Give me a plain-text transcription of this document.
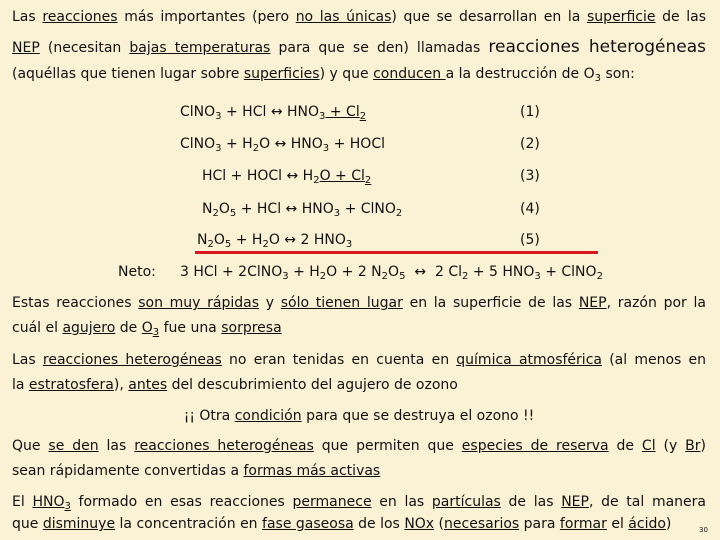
Las reacciones más importantes (pero no las únicas) que se desarrollan en la superficie de las

NEP (necesitan bajas temperaturas para que se den) llamadas reacciones heterogéneas

(aquéllas que tienen lugar sobre superficies) y que conducen a la destrucción de $O_3$ son:

ClNO$_3$ + HCl ↔ $HNO_3 + Cl_2$	(1)
ClNO$_3$ + $H_2O$ ↔ $HNO_3$ + HOCl	(2)
HCl + HOCl ↔ $H_2O + Cl_2$	(3)
$N_2O_5$ + HCl ↔ $HNO_3$ + ClNO$_2$	(4)
$N_2O_5 + H_2O$ ↔ 2 $HNO_3$	(5)
Neto: 3 HCl + 2ClNO$_3$ + $H_2O + 2$ $N_2O_5$  ↔  2 $Cl_2 + 5$ $HNO_3$ + ClNO$_2$

Estas reacciones son muy rápidas y sólo tienen lugar en la superficie de las NEP, razón por la

cuál el agujero de $O_3$ fue una sorpresa

Las reacciones heterogéneas no eran tenidas en cuenta en química atmosférica (al menos en

la estratosfera), antes del descubrimiento del agujero de ozono

¡¡ Otra condición para que se destruya el ozono !!

Que se den las reacciones heterogéneas que permiten que especies de reserva de Cl (y Br)

sean rápidamente convertidas a formas más activas

El $HNO_3$ formado en esas reacciones permanece en las partículas de las NEP, de tal manera

que disminuye la concentración en fase gaseosa de los NOx (necesarios para formar el ácido)	30
